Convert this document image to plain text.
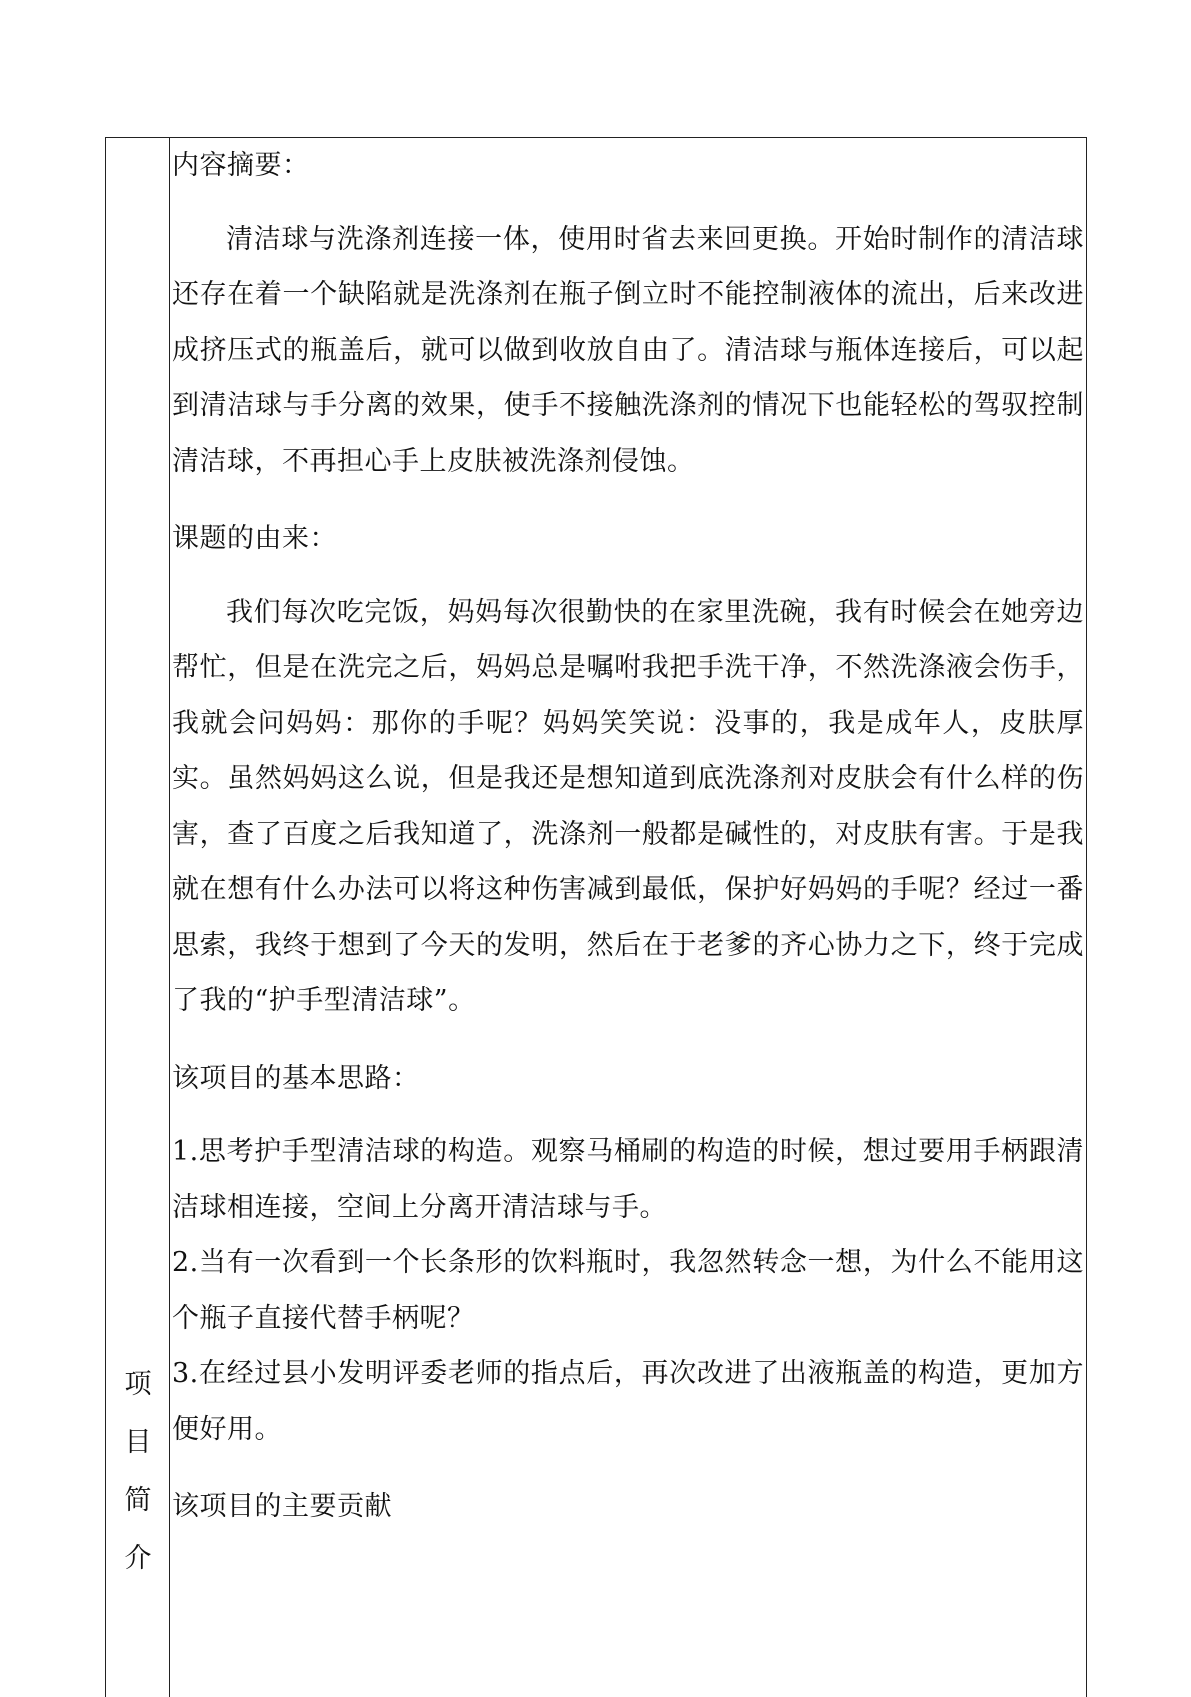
项
目
简
介

内容摘要：

清洁球与洗涤剂连接一体，使用时省去来回更换。开始时制作的清洁球还存在着一个缺陷就是洗涤剂在瓶子倒立时不能控制液体的流出，后来改进成挤压式的瓶盖后，就可以做到收放自由了。清洁球与瓶体连接后，可以起到清洁球与手分离的效果，使手不接触洗涤剂的情况下也能轻松的驾驭控制清洁球，不再担心手上皮肤被洗涤剂侵蚀。

课题的由来：

我们每次吃完饭，妈妈每次很勤快的在家里洗碗，我有时候会在她旁边帮忙，但是在洗完之后，妈妈总是嘱咐我把手洗干净，不然洗涤液会伤手，我就会问妈妈：那你的手呢？妈妈笑笑说：没事的，我是成年人，皮肤厚实。虽然妈妈这么说，但是我还是想知道到底洗涤剂对皮肤会有什么样的伤害，查了百度之后我知道了，洗涤剂一般都是碱性的，对皮肤有害。于是我就在想有什么办法可以将这种伤害减到最低，保护好妈妈的手呢？经过一番思索，我终于想到了今天的发明，然后在于老爹的齐心协力之下，终于完成了我的“护手型清洁球”。

该项目的基本思路：

1.思考护手型清洁球的构造。观察马桶刷的构造的时候，想过要用手柄跟清洁球相连接，空间上分离开清洁球与手。

2.当有一次看到一个长条形的饮料瓶时，我忽然转念一想，为什么不能用这个瓶子直接代替手柄呢？

3.在经过县小发明评委老师的指点后，再次改进了出液瓶盖的构造，更加方便好用。

该项目的主要贡献
